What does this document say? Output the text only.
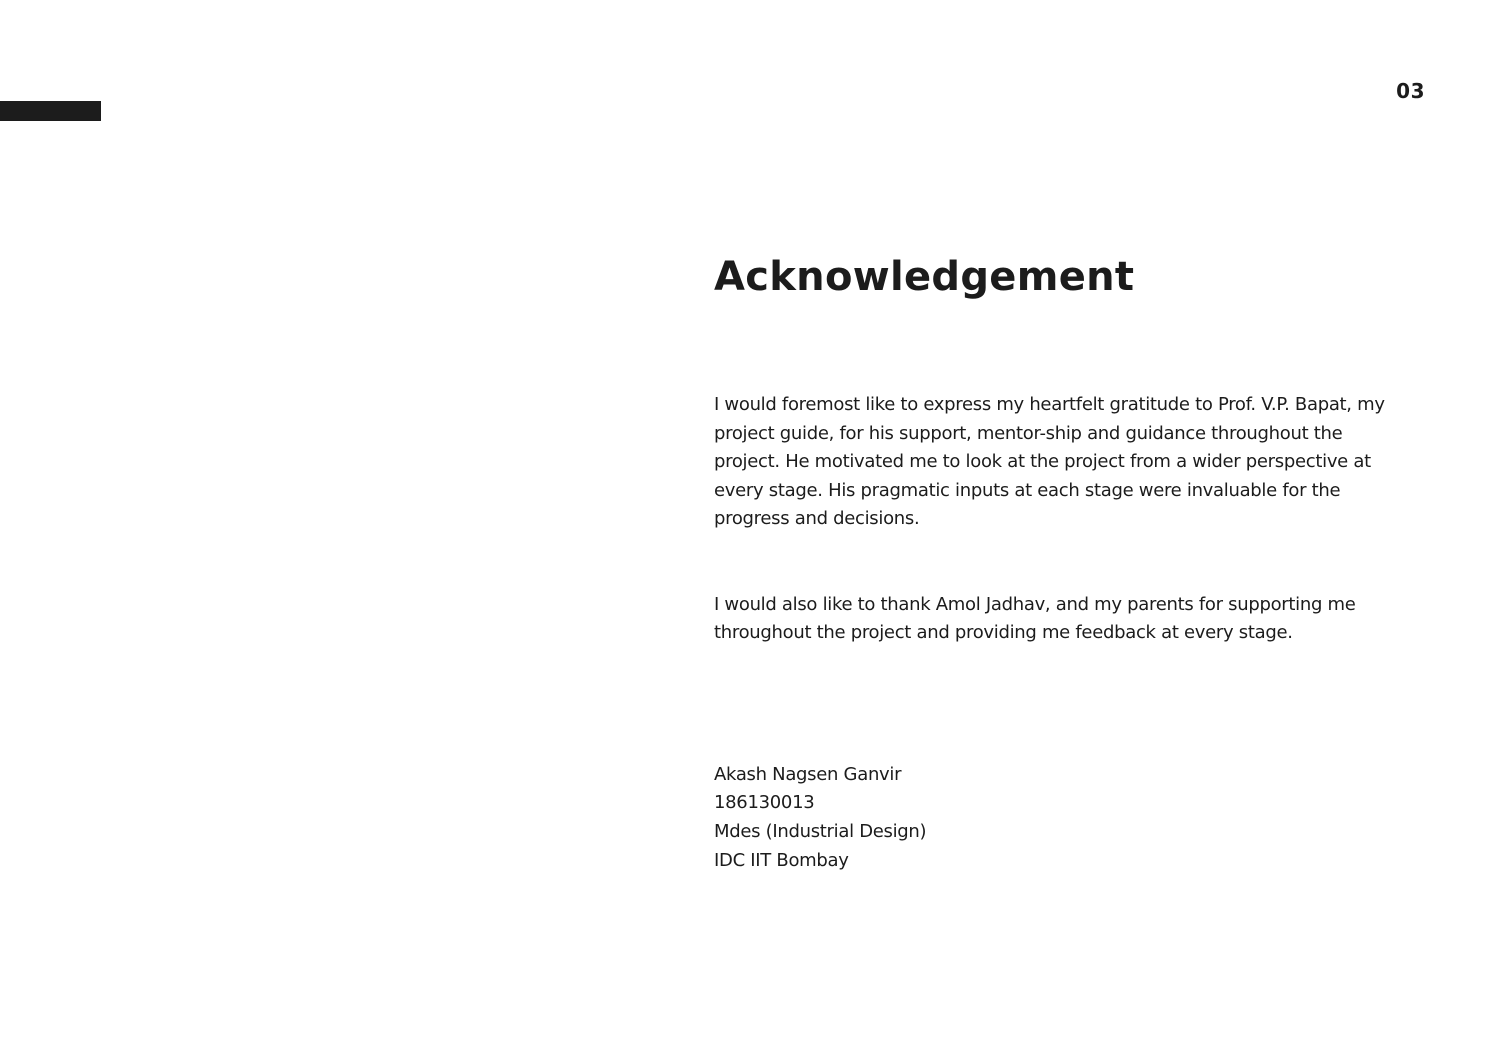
03
Acknowledgement

I would foremost like to express my heartfelt gratitude to Prof. V.P. Bapat, my project guide, for his support, mentor-ship and guidance throughout the project. He motivated me to look at the project from a wider perspective at every stage. His pragmatic inputs at each stage were invaluable for the progress and decisions.

I would also like to thank Amol Jadhav, and my parents for supporting me throughout the project and providing me feedback at every stage.

Akash Nagsen Ganvir
186130013
Mdes (Industrial Design)
IDC IIT Bombay
